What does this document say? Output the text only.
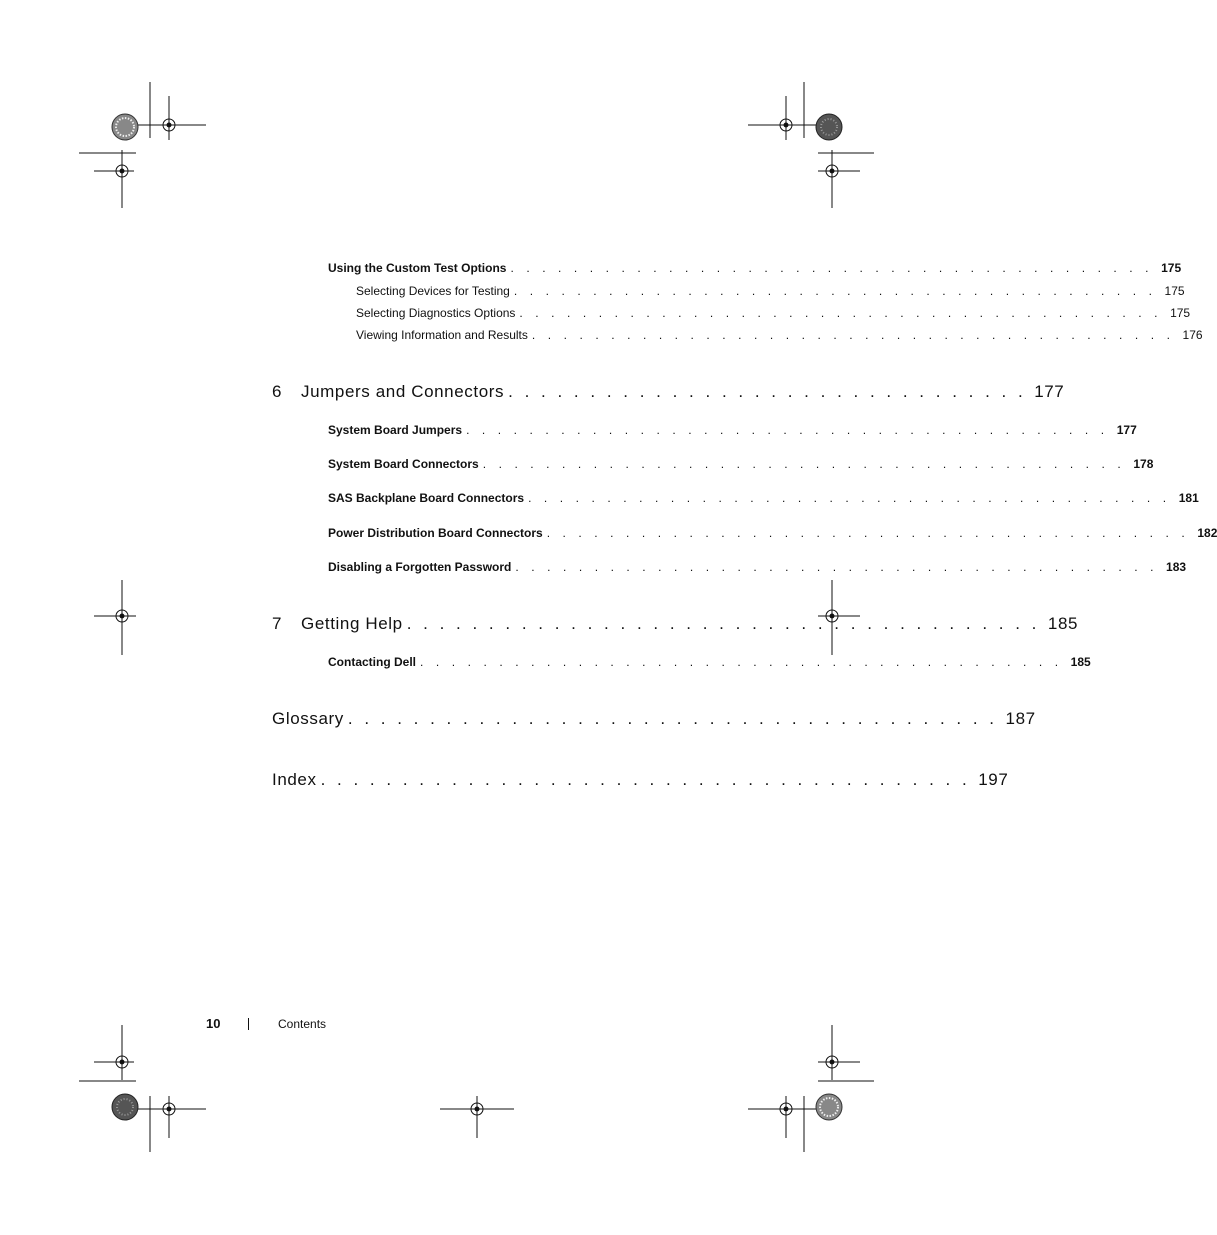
Using the Custom Test Options . . . . . . . . . . . . . . . . . . . . . . . . . . . . . . . . . . . . . . . . . 175
Selecting Devices for Testing . . . . . . . . . . . . . . . . . . . . . . . . . . . . . . . . . . . . . . . . . 175
Selecting Diagnostics Options . . . . . . . . . . . . . . . . . . . . . . . . . . . . . . . . . . . . . . . . . 175
Viewing Information and Results . . . . . . . . . . . . . . . . . . . . . . . . . . . . . . . . . . . . . . . . . 176
6 Jumpers and Connectors . . . . . . . . . . . . . . . . . . . . . . . . . . . . . . . . 177
System Board Jumpers . . . . . . . . . . . . . . . . . . . . . . . . . . . . . . . . . . . . . . . . . 177
System Board Connectors . . . . . . . . . . . . . . . . . . . . . . . . . . . . . . . . . . . . . . . . . 178
SAS Backplane Board Connectors . . . . . . . . . . . . . . . . . . . . . . . . . . . . . . . . . . . . . . . . . 181
Power Distribution Board Connectors . . . . . . . . . . . . . . . . . . . . . . . . . . . . . . . . . . . . . . . . . 182
Disabling a Forgotten Password . . . . . . . . . . . . . . . . . . . . . . . . . . . . . . . . . . . . . . . . . 183
7 Getting Help . . . . . . . . . . . . . . . . . . . . . . . . . . . . . . . . . . . . . . . 185
Contacting Dell . . . . . . . . . . . . . . . . . . . . . . . . . . . . . . . . . . . . . . . . . 185
Glossary . . . . . . . . . . . . . . . . . . . . . . . . . . . . . . . . . . . . . . . . 187
Index . . . . . . . . . . . . . . . . . . . . . . . . . . . . . . . . . . . . . . . . 197
10	Contents
